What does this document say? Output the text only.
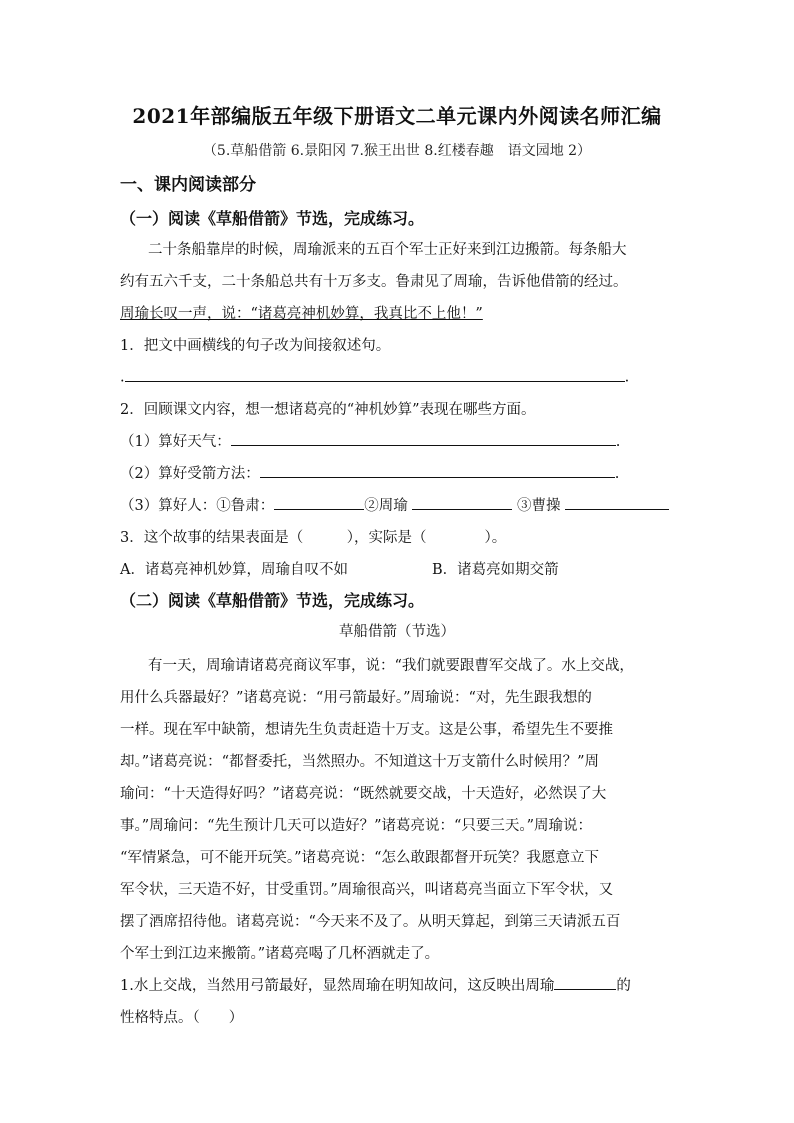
2021年部编版五年级下册语文二单元课内外阅读名师汇编
（5.草船借箭 6.景阳冈 7.猴王出世 8.红楼春趣　语文园地 2）
一、课内阅读部分
（一）阅读《草船借箭》节选，完成练习。
二十条船靠岸的时候，周瑜派来的五百个军士正好来到江边搬箭。每条船大
约有五六千支，二十条船总共有十万多支。鲁肃见了周瑜，告诉他借箭的经过。
周瑜长叹一声，说：“诸葛亮神机妙算，我真比不上他！”
1．把文中画横线的句子改为间接叙述句。
.	.
2．回顾课文内容，想一想诸葛亮的“神机妙算”表现在哪些方面。
（1）算好天气：	.
（2）算好受箭方法：	.
（3）算好人：①鲁肃：	②周瑜	③曹操
3．这个故事的结果表面是（　　　），实际是（　　　　）。
A．诸葛亮神机妙算，周瑜自叹不如	B．诸葛亮如期交箭
（二）阅读《草船借箭》节选，完成练习。
草船借箭（节选）
有一天，周瑜请诸葛亮商议军事，说：“我们就要跟曹军交战了。水上交战，
用什么兵器最好？”诸葛亮说：“用弓箭最好。”周瑜说：“对，先生跟我想的
一样。现在军中缺箭，想请先生负责赶造十万支。这是公事，希望先生不要推
却。”诸葛亮说：“都督委托，当然照办。不知道这十万支箭什么时候用？”周
瑜问：“十天造得好吗？”诸葛亮说：“既然就要交战，十天造好，必然误了大
事。”周瑜问：“先生预计几天可以造好？”诸葛亮说：“只要三天。”周瑜说：
“军情紧急，可不能开玩笑。”诸葛亮说：“怎么敢跟都督开玩笑？我愿意立下
军令状，三天造不好，甘受重罚。”周瑜很高兴，叫诸葛亮当面立下军令状，又
摆了酒席招待他。诸葛亮说：“今天来不及了。从明天算起，到第三天请派五百
个军士到江边来搬箭。”诸葛亮喝了几杯酒就走了。
1.水上交战，当然用弓箭最好，显然周瑜在明知故问，这反映出周瑜	的
性格特点。（　　）
